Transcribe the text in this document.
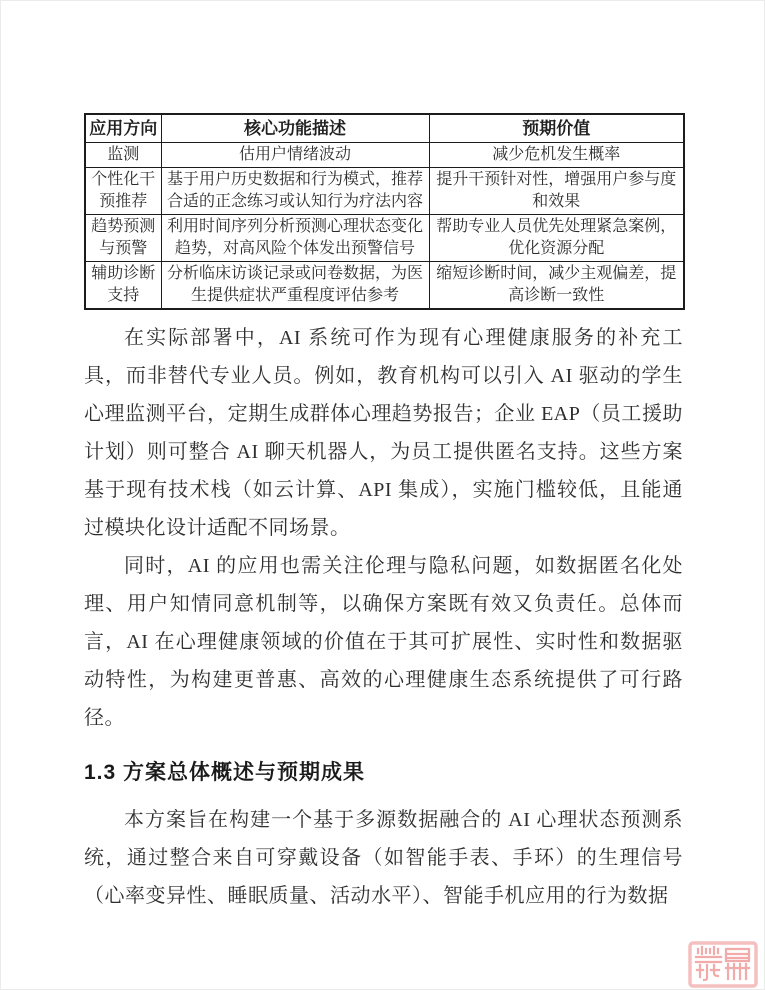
应用方向	核心功能描述	预期价值
监测	估用户情绪波动	减少危机发生概率
个性化干预推荐	基于用户历史数据和行为模式，推荐合适的正念练习或认知行为疗法内容	提升干预针对性，增强用户参与度和效果
趋势预测与预警	利用时间序列分析预测心理状态变化趋势，对高风险个体发出预警信号	帮助专业人员优先处理紧急案例，优化资源分配
辅助诊断支持	分析临床访谈记录或问卷数据，为医生提供症状严重程度评估参考	缩短诊断时间，减少主观偏差，提高诊断一致性

在实际部署中，AI 系统可作为现有心理健康服务的补充工具，而非替代专业人员。例如，教育机构可以引入 AI 驱动的学生心理监测平台，定期生成群体心理趋势报告；企业 EAP（员工援助计划）则可整合 AI 聊天机器人，为员工提供匿名支持。这些方案基于现有技术栈（如云计算、API 集成），实施门槛较低，且能通过模块化设计适配不同场景。

同时，AI 的应用也需关注伦理与隐私问题，如数据匿名化处理、用户知情同意机制等，以确保方案既有效又负责任。总体而言，AI 在心理健康领域的价值在于其可扩展性、实时性和数据驱动特性，为构建更普惠、高效的心理健康生态系统提供了可行路径。

1.3 方案总体概述与预期成果

本方案旨在构建一个基于多源数据融合的 AI 心理状态预测系统，通过整合来自可穿戴设备（如智能手表、手环）的生理信号（心率变异性、睡眠质量、活动水平）、智能手机应用的行为数据
